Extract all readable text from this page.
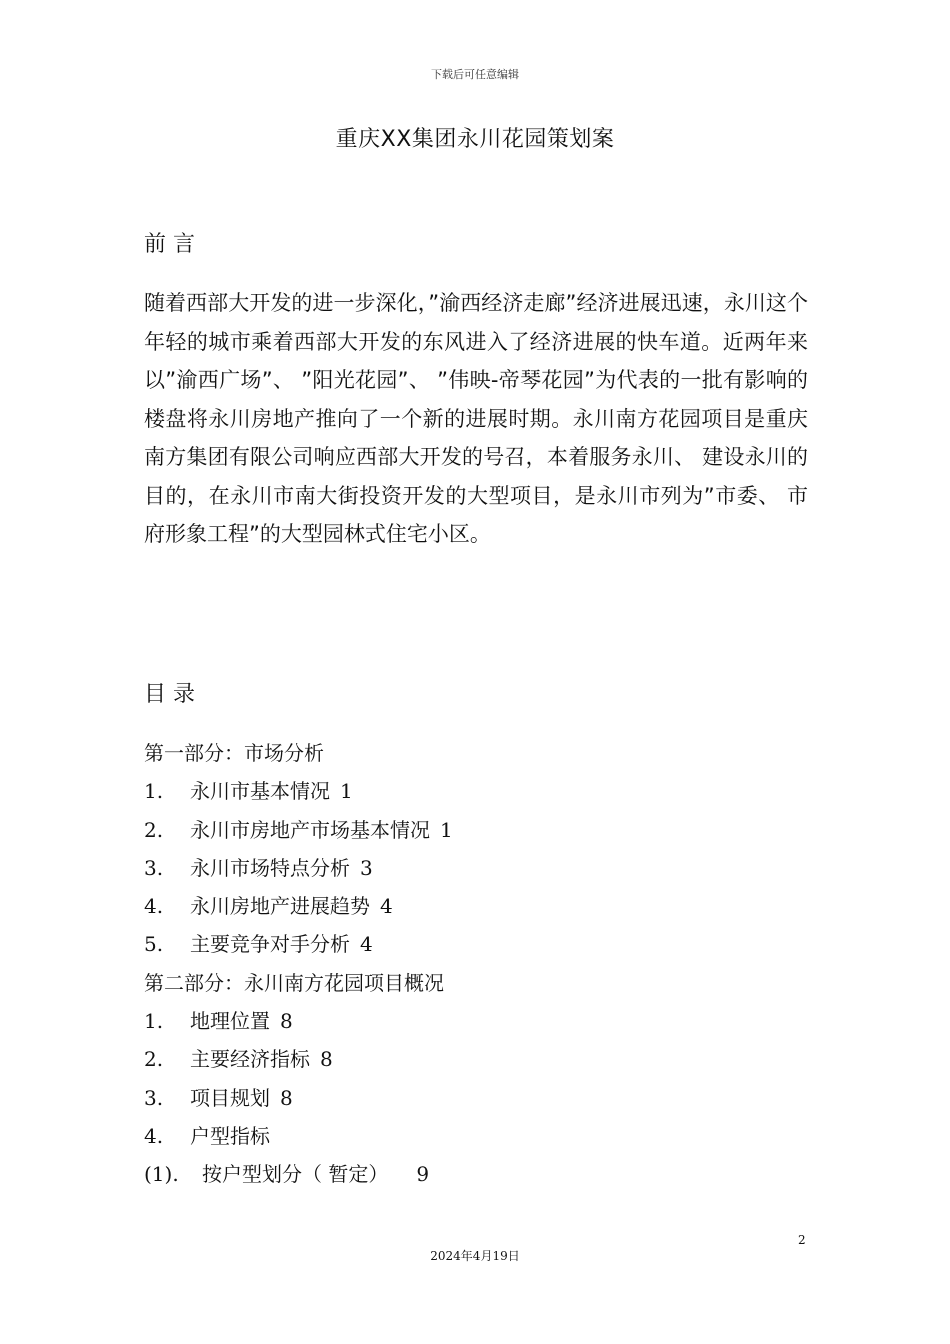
下载后可任意编辑
重庆XX集团永川花园策划案
前 言
随着西部大开发的进一步深化，”渝西经济走廊”经济进展迅速，永川这个年轻的城市乘着西部大开发的东风进入了经济进展的快车道。近两年来以”渝西广场”、 ”阳光花园”、 ”伟映-帝琴花园”为代表的一批有影响的楼盘将永川房地产推向了一个新的进展时期。永川南方花园项目是重庆南方集团有限公司响应西部大开发的号召，本着服务永川、 建设永川的目的，在永川市南大街投资开发的大型项目，是永川市列为”市委、 市府形象工程”的大型园林式住宅小区。
目 录
第一部分：市场分析
1. 永川市基本情况 1
2. 永川市房地产市场基本情况 1
3. 永川市场特点分析 3
4. 永川房地产进展趋势 4
5. 主要竞争对手分析 4
第二部分：永川南方花园项目概况
1. 地理位置 8
2. 主要经济指标 8
3. 项目规划 8
4. 户型指标
(1). 按户型划分（ 暂定） 9
2
2024年4月19日
